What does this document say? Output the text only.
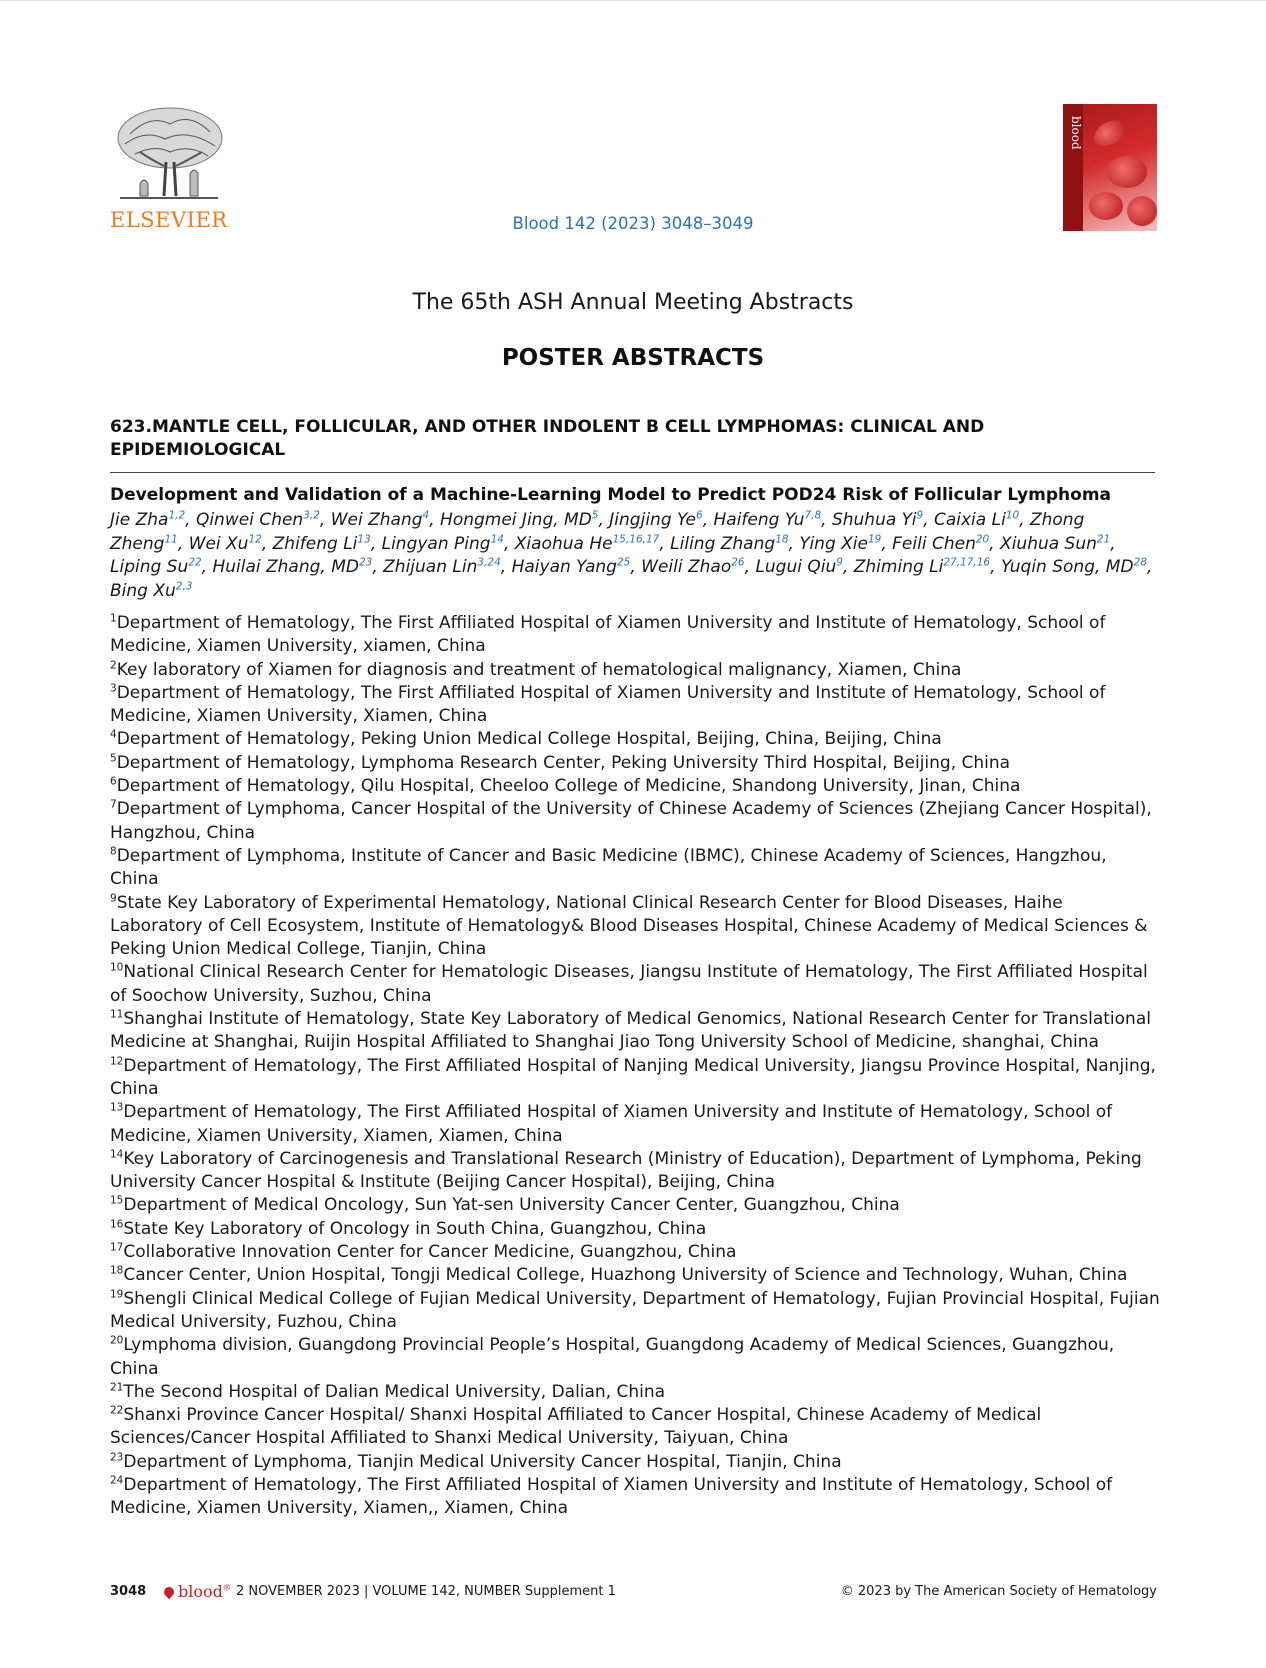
ELSEVIER	Blood 142 (2023) 3048–3049
blood
The 65th ASH Annual Meeting Abstracts
POSTER ABSTRACTS
623.MANTLE CELL, FOLLICULAR, AND OTHER INDOLENT B CELL LYMPHOMAS: CLINICAL AND
EPIDEMIOLOGICAL
Development and Validation of a Machine-Learning Model to Predict POD24 Risk of Follicular Lymphoma
Jie Zha$^{1,2}$, Qinwei Chen$^{3,2}$, Wei Zhang$^4$, Hongmei Jing, $MD^5$, Jingjing Ye$^6$, Haifeng Yu$^{7,8}$, Shuhua Yi$^9$, Caixia Li$^{10}$, Zhong Zheng$^{11}$, Wei Xu$^{12}$, Zhifeng Li$^{13}$, Lingyan Ping$^{14}$, Xiaohua He$^{15,16,17}$, Liling Zhang$^{18}$, Ying Xie$^{19}$, Feili Chen$^{20}$, Xiuhua Sun$^{21}$, Liping Su$^{22}$, Huilai Zhang, MD$^{23}$, Zhijuan Lin$^{3,24}$, Haiyan Yang$^{25}$, Weili Zhao$^{26}$, Lugui Qiu$^9$, Zhiming Li$^{27,17,16}$, Yuqin Song, MD$^{28}$, Bing Xu$^{2,3}$
$^1$Department of Hematology, The First Affiliated Hospital of Xiamen University and Institute of Hematology, School of Medicine, Xiamen University, xiamen, China
$^2$Key laboratory of Xiamen for diagnosis and treatment of hematological malignancy, Xiamen, China
$^3$Department of Hematology, The First Affiliated Hospital of Xiamen University and Institute of Hematology, School of Medicine, Xiamen University, Xiamen, China
$^4$Department of Hematology, Peking Union Medical College Hospital, Beijing, China, Beijing, China
$^5$Department of Hematology, Lymphoma Research Center, Peking University Third Hospital, Beijing, China
$^6$Department of Hematology, Qilu Hospital, Cheeloo College of Medicine, Shandong University, Jinan, China
$^7$Department of Lymphoma, Cancer Hospital of the University of Chinese Academy of Sciences (Zhejiang Cancer Hospital), Hangzhou, China
$^8$Department of Lymphoma, Institute of Cancer and Basic Medicine (IBMC), Chinese Academy of Sciences, Hangzhou, China
$^9$State Key Laboratory of Experimental Hematology, National Clinical Research Center for Blood Diseases, Haihe Laboratory of Cell Ecosystem, Institute of Hematology& Blood Diseases Hospital, Chinese Academy of Medical Sciences & Peking Union Medical College, Tianjin, China
$^{10}$National Clinical Research Center for Hematologic Diseases, Jiangsu Institute of Hematology, The First Affiliated Hospital of Soochow University, Suzhou, China
$^{11}$Shanghai Institute of Hematology, State Key Laboratory of Medical Genomics, National Research Center for Translational Medicine at Shanghai, Ruijin Hospital Affiliated to Shanghai Jiao Tong University School of Medicine, shanghai, China
$^{12}$Department of Hematology, The First Affiliated Hospital of Nanjing Medical University, Jiangsu Province Hospital, Nanjing, China
$^{13}$Department of Hematology, The First Affiliated Hospital of Xiamen University and Institute of Hematology, School of Medicine, Xiamen University, Xiamen, Xiamen, China
$^{14}$Key Laboratory of Carcinogenesis and Translational Research (Ministry of Education), Department of Lymphoma, Peking University Cancer Hospital & Institute (Beijing Cancer Hospital), Beijing, China
$^{15}$Department of Medical Oncology, Sun Yat-sen University Cancer Center, Guangzhou, China
$^{16}$State Key Laboratory of Oncology in South China, Guangzhou, China
$^{17}$Collaborative Innovation Center for Cancer Medicine, Guangzhou, China
$^{18}$Cancer Center, Union Hospital, Tongji Medical College, Huazhong University of Science and Technology, Wuhan, China
$^{19}$Shengli Clinical Medical College of Fujian Medical University, Department of Hematology, Fujian Provincial Hospital, Fujian Medical University, Fuzhou, China
$^{20}$Lymphoma division, Guangdong Provincial People’s Hospital, Guangdong Academy of Medical Sciences, Guangzhou, China
$^{21}$The Second Hospital of Dalian Medical University, Dalian, China
$^{22}$Shanxi Province Cancer Hospital/ Shanxi Hospital Affiliated to Cancer Hospital, Chinese Academy of Medical Sciences/Cancer Hospital Affiliated to Shanxi Medical University, Taiyuan, China
$^{23}$Department of Lymphoma, Tianjin Medical University Cancer Hospital, Tianjin, China
$^{24}$Department of Hematology, The First Affiliated Hospital of Xiamen University and Institute of Hematology, School of Medicine, Xiamen University, Xiamen,, Xiamen, China
3048	blood® 2 NOVEMBER 2023 | VOLUME 142, NUMBER Supplement 1	© 2023 by The American Society of Hematology
